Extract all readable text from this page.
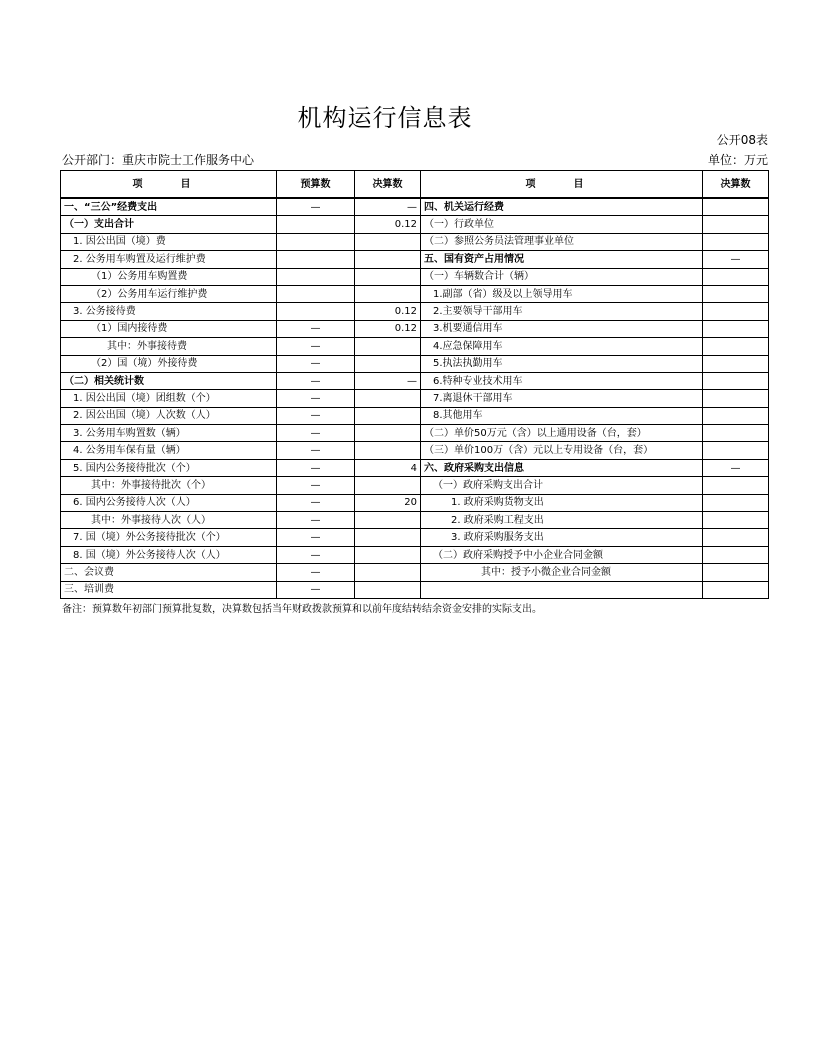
机构运行信息表
公开08表
公开部门：重庆市院士工作服务中心	单位：万元
项　目	预算数	决算数	项　目	决算数
一、“三公”经费支出	—	—	四、机关运行经费	
（一）支出合计		0.12	（一）行政单位	
1. 因公出国（境）费			（二）参照公务员法管理事业单位	
2. 公务用车购置及运行维护费			五、国有资产占用情况	—
（1）公务用车购置费			（一）车辆数合计（辆）	
（2）公务用车运行维护费			1.副部（省）级及以上领导用车	
3. 公务接待费		0.12	2.主要领导干部用车	
（1）国内接待费	—	0.12	3.机要通信用车	
其中：外事接待费	—		4.应急保障用车	
（2）国（境）外接待费	—		5.执法执勤用车	
（二）相关统计数	—	—	6.特种专业技术用车	
1. 因公出国（境）团组数（个）	—		7.离退休干部用车	
2. 因公出国（境）人次数（人）	—		8.其他用车	
3. 公务用车购置数（辆）	—		（二）单价50万元（含）以上通用设备（台，套）	
4. 公务用车保有量（辆）	—		（三）单价100万（含）元以上专用设备（台，套）	
5. 国内公务接待批次（个）	—	4	六、政府采购支出信息	—
其中：外事接待批次（个）	—		（一）政府采购支出合计	
6. 国内公务接待人次（人）	—	20	1. 政府采购货物支出	
其中：外事接待人次（人）	—		2. 政府采购工程支出	
7. 国（境）外公务接待批次（个）	—		3. 政府采购服务支出	
8. 国（境）外公务接待人次（人）	—		（二）政府采购授予中小企业合同金额	
二、会议费	—		其中：授予小微企业合同金额	
三、培训费	—			
备注：预算数年初部门预算批复数，决算数包括当年财政拨款预算和以前年度结转结余资金安排的实际支出。
